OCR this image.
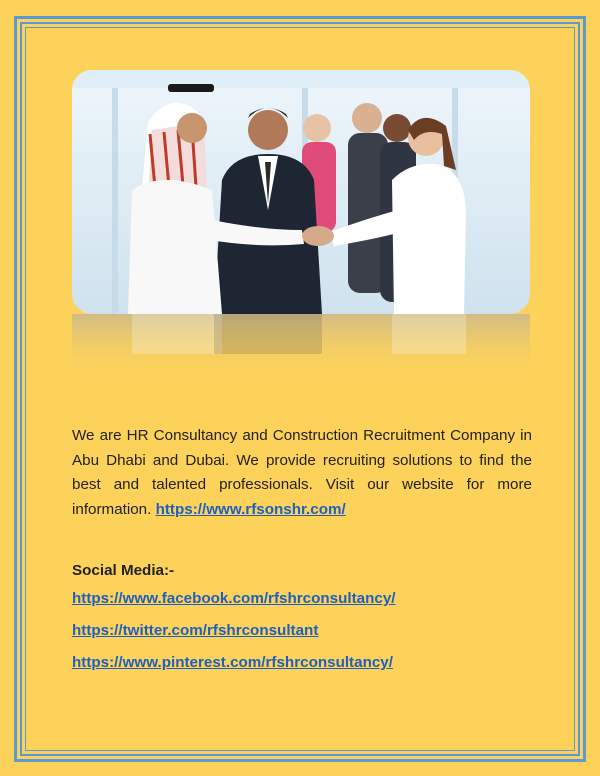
We are HR Consultancy and Construction Recruitment Company in Abu Dhabi and Dubai. We provide recruiting solutions to find the best and talented professionals. Visit our website for more information. https://www.rfsonshr.com/
Social Media:-
https://www.facebook.com/rfshrconsultancy/
https://twitter.com/rfshrconsultant
https://www.pinterest.com/rfshrconsultancy/
